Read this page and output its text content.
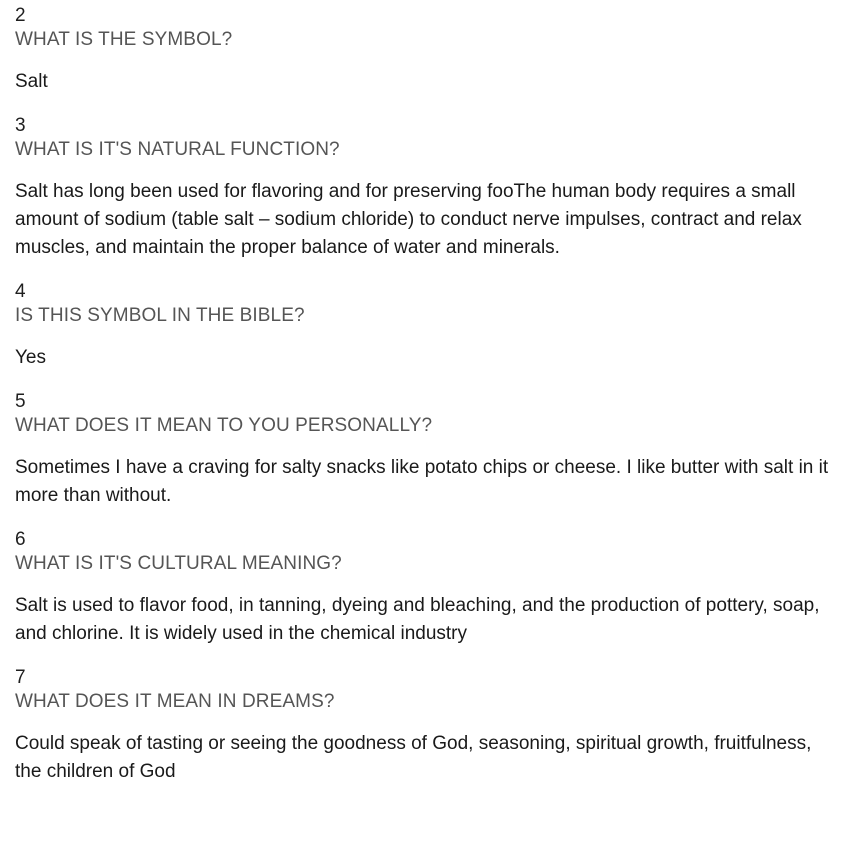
2
WHAT IS THE SYMBOL?
Salt
3
WHAT IS IT'S NATURAL FUNCTION?
Salt has long been used for flavoring and for preserving fooThe human body requires a small amount of sodium (table salt – sodium chloride) to conduct nerve impulses, contract and relax muscles, and maintain the proper balance of water and minerals.
4
IS THIS SYMBOL IN THE BIBLE?
Yes
5
WHAT DOES IT MEAN TO YOU PERSONALLY?
Sometimes I have a craving for salty snacks like potato chips or cheese. I like butter with salt in it more than without.
6
WHAT IS IT'S CULTURAL MEANING?
Salt is used to flavor food, in tanning, dyeing and bleaching, and the production of pottery, soap, and chlorine. It is widely used in the chemical industry
7
WHAT DOES IT MEAN IN DREAMS?
Could speak of tasting or seeing the goodness of God, seasoning, spiritual growth, fruitfulness, the children of God
